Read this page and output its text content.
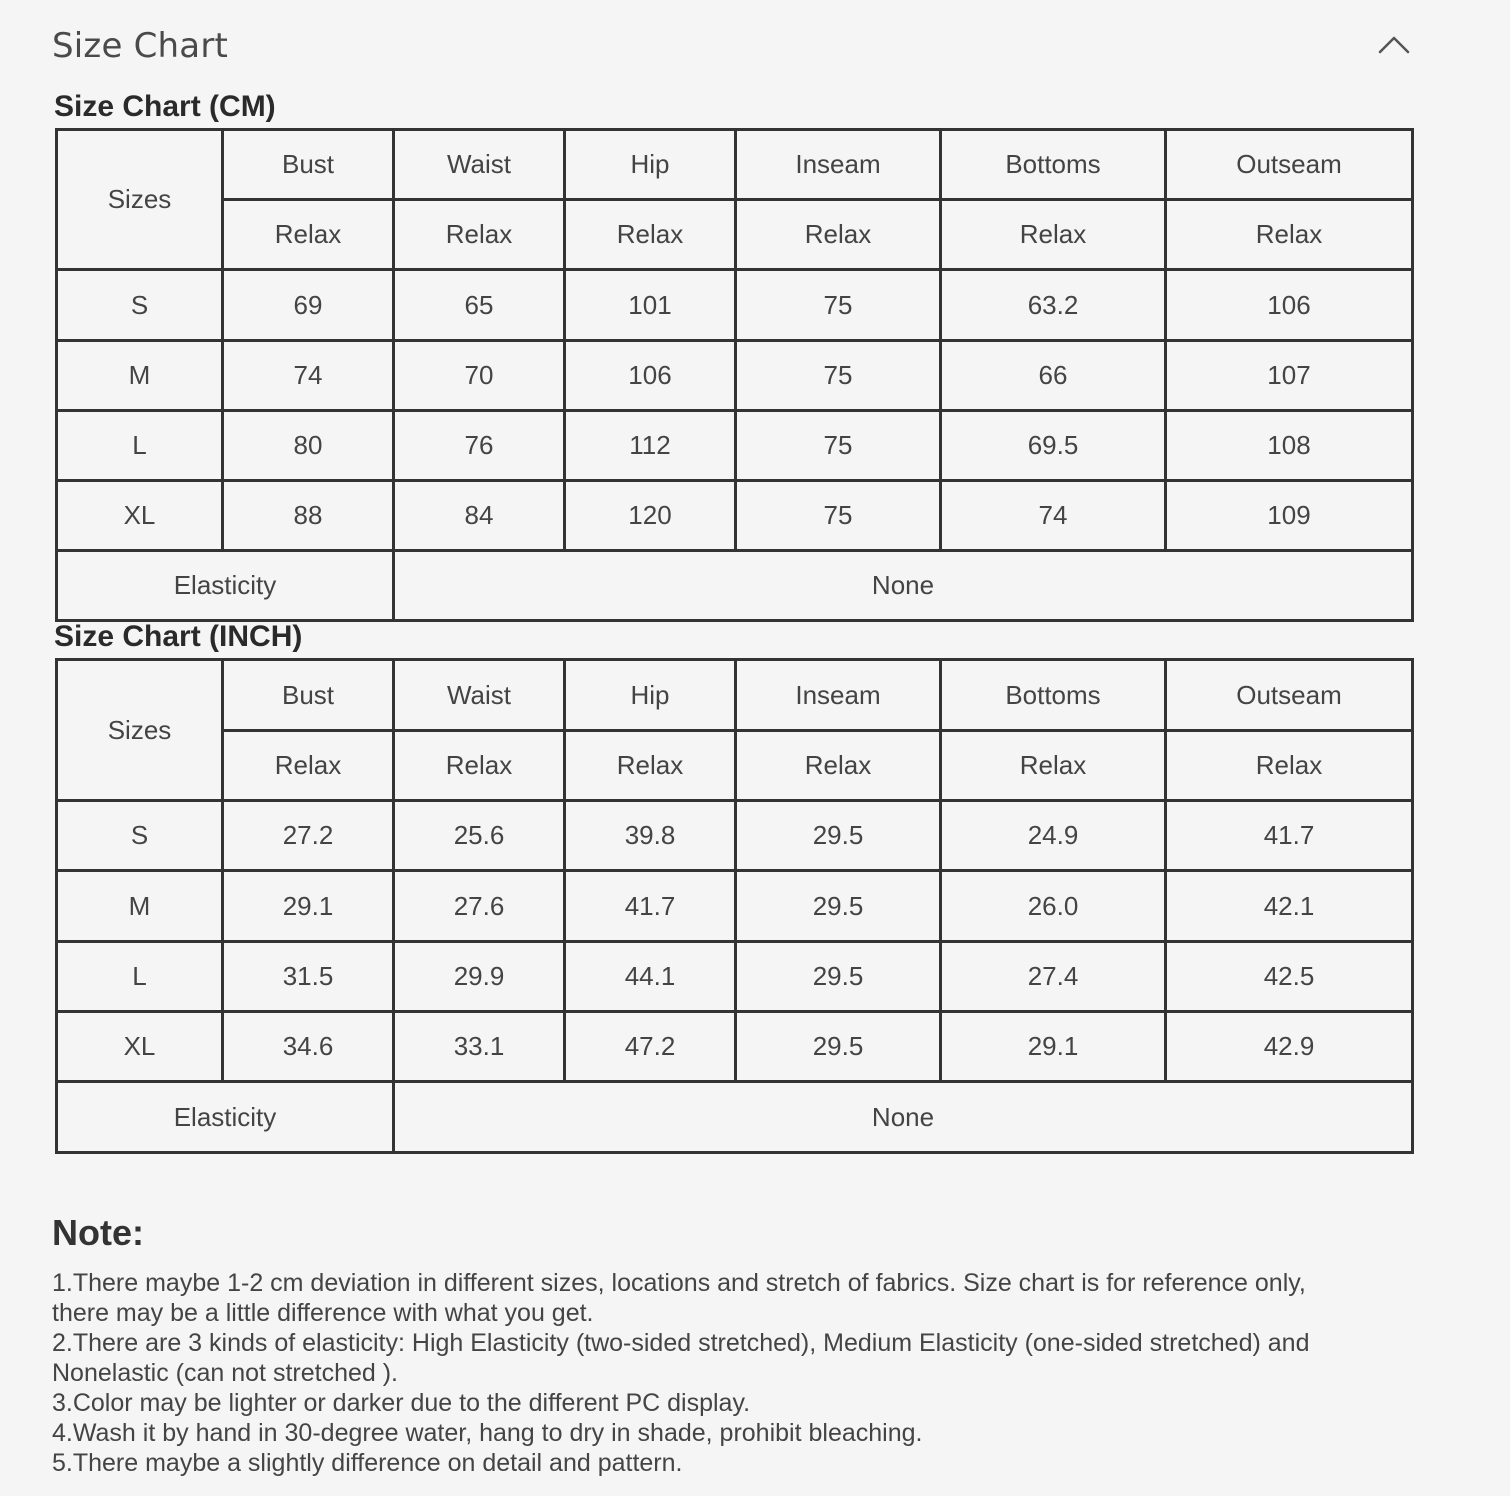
Size Chart
Size Chart (CM)
Sizes	Bust	Waist	Hip	Inseam	Bottoms	Outseam
	Relax	Relax	Relax	Relax	Relax	Relax
S	69	65	101	75	63.2	106
M	74	70	106	75	66	107
L	80	76	112	75	69.5	108
XL	88	84	120	75	74	109
Elasticity		None				
Size Chart (INCH)
Sizes	Bust	Waist	Hip	Inseam	Bottoms	Outseam
	Relax	Relax	Relax	Relax	Relax	Relax
S	27.2	25.6	39.8	29.5	24.9	41.7
M	29.1	27.6	41.7	29.5	26.0	42.1
L	31.5	29.9	44.1	29.5	27.4	42.5
XL	34.6	33.1	47.2	29.5	29.1	42.9
Elasticity		None				
Note:

1.There maybe 1-2 cm deviation in different sizes, locations and stretch of fabrics. Size chart is for reference only,

there may be a little difference with what you get.

2.There are 3 kinds of elasticity: High Elasticity (two-sided stretched), Medium Elasticity (one-sided stretched) and

Nonelastic (can not stretched ).

3.Color may be lighter or darker due to the different PC display.

4.Wash it by hand in 30-degree water, hang to dry in shade, prohibit bleaching.

5.There maybe a slightly difference on detail and pattern.
